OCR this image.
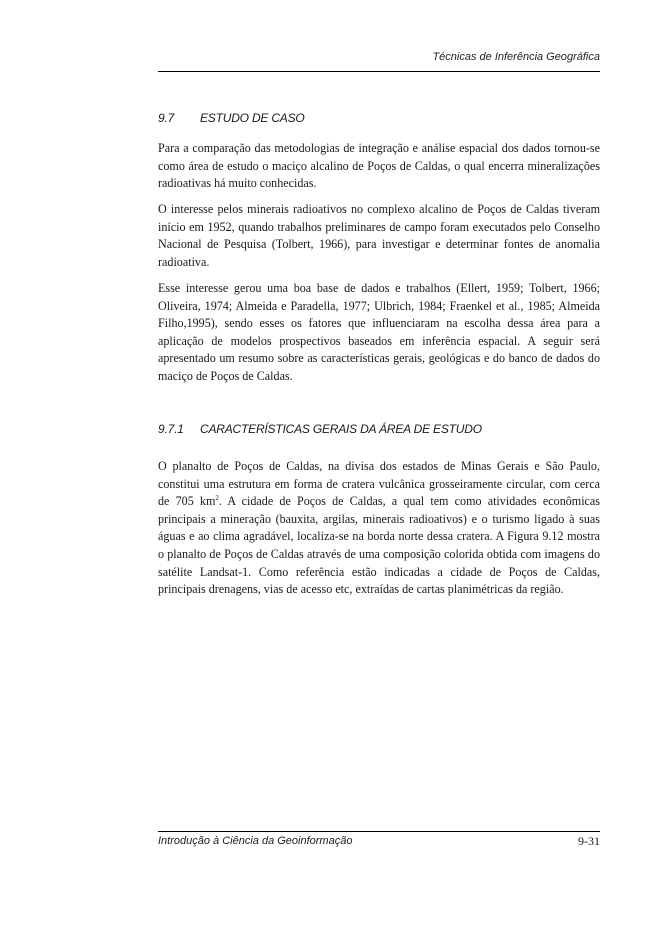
Técnicas de Inferência Geográfica
9.7 ESTUDO DE CASO

Para a comparação das metodologias de integração e análise espacial dos dados tornou-se como área de estudo o maciço alcalino de Poços de Caldas, o qual encerra mineralizações radioativas há muito conhecidas.

O interesse pelos minerais radioativos no complexo alcalino de Poços de Caldas tiveram início em 1952, quando trabalhos preliminares de campo foram executados pelo Conselho Nacional de Pesquisa (Tolbert, 1966), para investigar e determinar fontes de anomalia radioativa.

Esse interesse gerou uma boa base de dados e trabalhos (Ellert, 1959; Tolbert, 1966; Oliveira, 1974; Almeida e Paradella, 1977; Ulbrich, 1984; Fraenkel et al., 1985; Almeida Filho,1995), sendo esses os fatores que influenciaram na escolha dessa área para a aplicação de modelos prospectivos baseados em inferência espacial. A seguir será apresentado um resumo sobre as características gerais, geológicas e do banco de dados do maciço de Poços de Caldas.

9.7.1 CARACTERÍSTICAS GERAIS DA ÁREA DE ESTUDO

O planalto de Poços de Caldas, na divisa dos estados de Minas Gerais e São Paulo, constitui uma estrutura em forma de cratera vulcânica grosseiramente circular, com cerca de 705 $km^2$. A cidade de Poços de Caldas, a qual tem como atividades econômicas principais a mineração (bauxita, argilas, minerais radioativos) e o turismo ligado à suas águas e ao clima agradável, localiza-se na borda norte dessa cratera. A Figura 9.12 mostra o planalto de Poços de Caldas através de uma composição colorida obtida com imagens do satélite Landsat-1. Como referência estão indicadas a cidade de Poços de Caldas, principais drenagens, vias de acesso etc, extraídas de cartas planimétricas da região.

Introdução à Ciência da Geoinformação	9-31
